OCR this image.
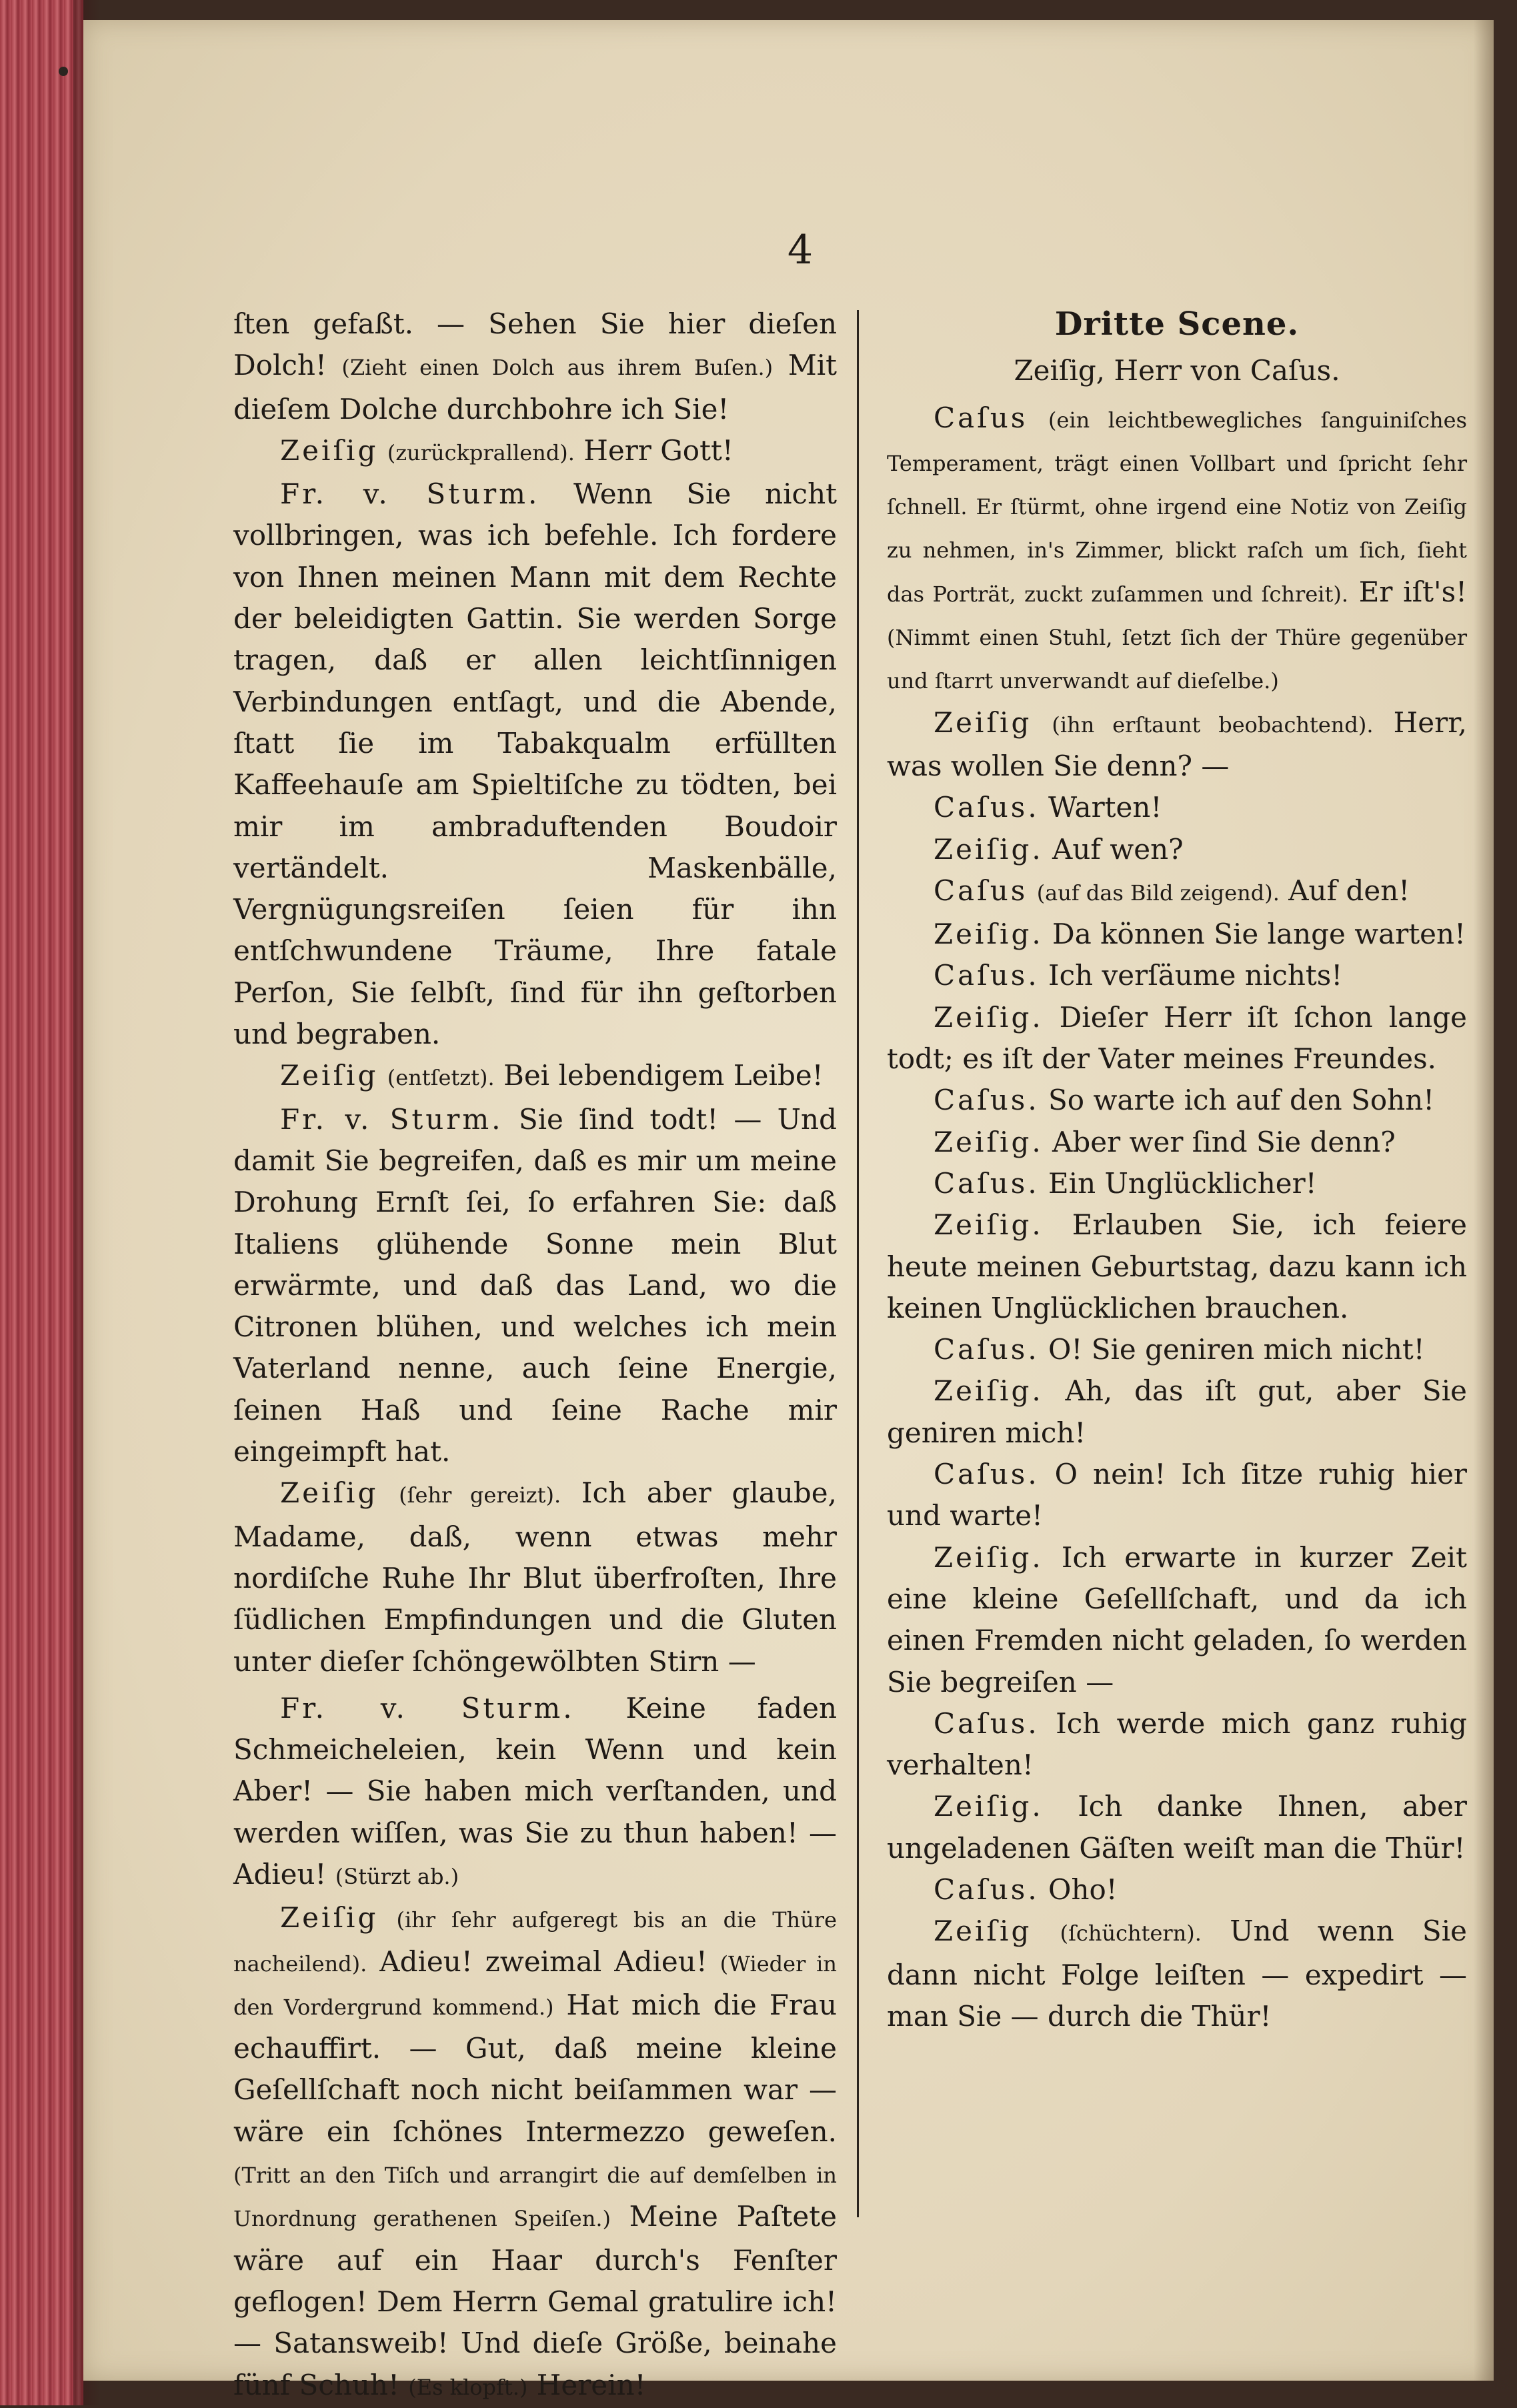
4

ſten gefaßt. — Sehen Sie hier dieſen Dolch! (Zieht einen Dolch aus ihrem Buſen.) Mit dieſem Dolche durchbohre ich Sie!

Zeiſig (zurückprallend). Herr Gott!

Fr. v. Sturm. Wenn Sie nicht vollbringen, was ich befehle. Ich fordere von Ihnen meinen Mann mit dem Rechte der beleidigten Gattin. Sie werden Sorge tragen, daß er allen leichtſinnigen Verbindungen entſagt, und die Abende, ſtatt ſie im Tabakqualm erfüllten Kaffeehauſe am Spieltiſche zu tödten, bei mir im ambraduftenden Boudoir vertändelt. Maskenbälle, Vergnügungsreiſen ſeien für ihn entſchwundene Träume, Ihre fatale Perſon, Sie ſelbſt, ſind für ihn geſtorben und begraben.

Zeiſig (entſetzt). Bei lebendigem Leibe!

Fr. v. Sturm. Sie ſind todt! — Und damit Sie begreifen, daß es mir um meine Drohung Ernſt ſei, ſo erfahren Sie: daß Italiens glühende Sonne mein Blut erwärmte, und daß das Land, wo die Citronen blühen, und welches ich mein Vaterland nenne, auch ſeine Energie, ſeinen Haß und ſeine Rache mir eingeimpft hat.

Zeiſig (ſehr gereizt). Ich aber glaube, Madame, daß, wenn etwas mehr nordiſche Ruhe Ihr Blut überfroſten, Ihre ſüdlichen Empfindungen und die Gluten unter dieſer ſchöngewölbten Stirn —

Fr. v. Sturm. Keine faden Schmeicheleien, kein Wenn und kein Aber! — Sie haben mich verſtanden, und werden wiſſen, was Sie zu thun haben! — Adieu! (Stürzt ab.)

Zeiſig (ihr ſehr aufgeregt bis an die Thüre nacheilend). Adieu! zweimal Adieu! (Wieder in den Vordergrund kommend.) Hat mich die Frau echauffirt. — Gut, daß meine kleine Geſellſchaft noch nicht beiſammen war — wäre ein ſchönes Intermezzo geweſen. (Tritt an den Tiſch und arrangirt die auf demſelben in Unordnung gerathenen Speiſen.) Meine Paſtete wäre auf ein Haar durch's Fenſter geflogen! Dem Herrn Gemal gratulire ich! — Satansweib! Und dieſe Größe, beinahe fünf Schuh! (Es klopft.) Herein!

Dritte Scene.

Zeiſig, Herr von Caſus.

Caſus (ein leichtbewegliches ſanguiniſches Temperament, trägt einen Vollbart und ſpricht ſehr ſchnell. Er ſtürmt, ohne irgend eine Notiz von Zeiſig zu nehmen, in's Zimmer, blickt raſch um ſich, ſieht das Porträt, zuckt zuſammen und ſchreit). Er iſt's! (Nimmt einen Stuhl, ſetzt ſich der Thüre gegenüber und ſtarrt unverwandt auf dieſelbe.)

Zeiſig (ihn erſtaunt beobachtend). Herr, was wollen Sie denn? —

Caſus. Warten!

Zeiſig. Auf wen?

Caſus (auf das Bild zeigend). Auf den!

Zeiſig. Da können Sie lange warten!

Caſus. Ich verſäume nichts!

Zeiſig. Dieſer Herr iſt ſchon lange todt; es iſt der Vater meines Freundes.

Caſus. So warte ich auf den Sohn!

Zeiſig. Aber wer ſind Sie denn?

Caſus. Ein Unglücklicher!

Zeiſig. Erlauben Sie, ich feiere heute meinen Geburtstag, dazu kann ich keinen Unglücklichen brauchen.

Caſus. O! Sie geniren mich nicht!

Zeiſig. Ah, das iſt gut, aber Sie geniren mich!

Caſus. O nein! Ich ſitze ruhig hier und warte!

Zeiſig. Ich erwarte in kurzer Zeit eine kleine Geſellſchaft, und da ich einen Fremden nicht geladen, ſo werden Sie begreiſen —

Caſus. Ich werde mich ganz ruhig verhalten!

Zeiſig. Ich danke Ihnen, aber ungeladenen Gäſten weiſt man die Thür!

Caſus. Oho!

Zeiſig (ſchüchtern). Und wenn Sie dann nicht Folge leiſten — expedirt — man Sie — durch die Thür!
